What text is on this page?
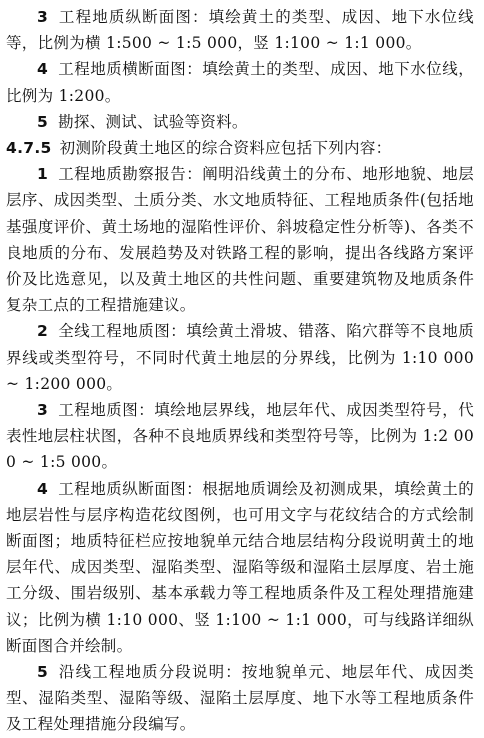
3 工程地质纵断面图：填绘黄土的类型、成因、地下水位线等，比例为横 1:500 ~ 1:5 000，竖 1:100 ~ 1:1 000。

4 工程地质横断面图：填绘黄土的类型、成因、地下水位线，比例为 1:200。

5 勘探、测试、试验等资料。

4.7.5 初测阶段黄土地区的综合资料应包括下列内容：

1 工程地质勘察报告：阐明沿线黄土的分布、地形地貌、地层层序、成因类型、土质分类、水文地质特征、工程地质条件(包括地基强度评价、黄土场地的湿陷性评价、斜坡稳定性分析等)、各类不良地质的分布、发展趋势及对铁路工程的影响，提出各线路方案评价及比选意见，以及黄土地区的共性问题、重要建筑物及地质条件复杂工点的工程措施建议。

2 全线工程地质图：填绘黄土滑坡、错落、陷穴群等不良地质界线或类型符号，不同时代黄土地层的分界线，比例为 1:10 000 ~ 1:200 000。

3 工程地质图：填绘地层界线，地层年代、成因类型符号，代表性地层柱状图，各种不良地质界线和类型符号等，比例为 1:2 000 ~ 1:5 000。

4 工程地质纵断面图：根据地质调绘及初测成果，填绘黄土的地层岩性与层序构造花纹图例，也可用文字与花纹结合的方式绘制断面图；地质特征栏应按地貌单元结合地层结构分段说明黄土的地层年代、成因类型、湿陷类型、湿陷等级和湿陷土层厚度、岩土施工分级、围岩级别、基本承载力等工程地质条件及工程处理措施建议；比例为横 1:10 000、竖 1:100 ~ 1:1 000，可与线路详细纵断面图合并绘制。

5 沿线工程地质分段说明：按地貌单元、地层年代、成因类型、湿陷类型、湿陷等级、湿陷土层厚度、地下水等工程地质条件及工程处理措施分段编写。
